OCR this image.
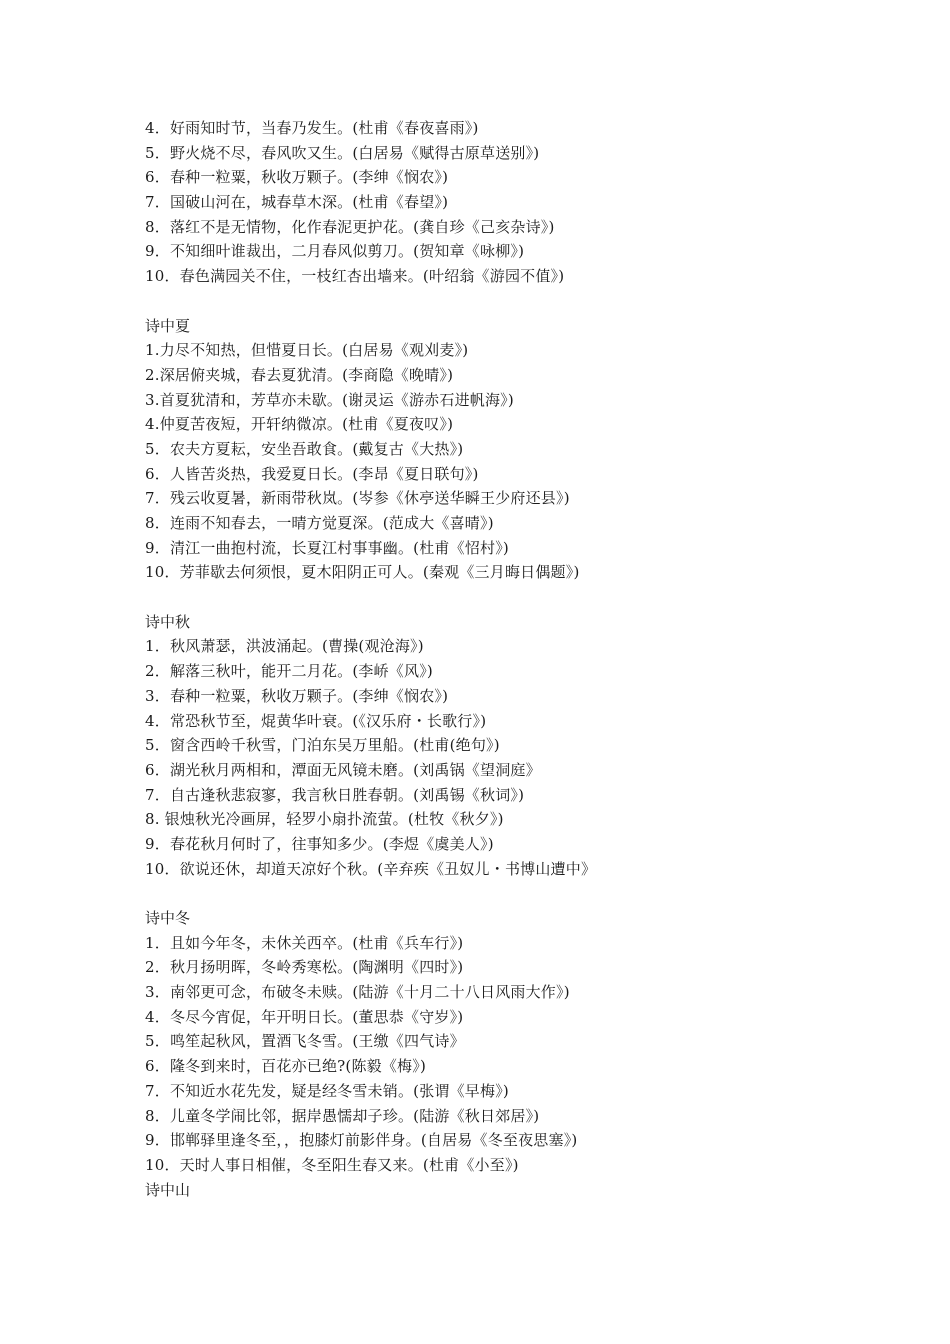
4．好雨知时节，当春乃发生。(杜甫《春夜喜雨》)
5．野火烧不尽，春风吹又生。(白居易《赋得古原草送别》)
6．春种一粒粟，秋收万颗子。(李绅《悯农》)
7．国破山河在，城春草木深。(杜甫《春望》)
8．落红不是无情物，化作春泥更护花。(龚自珍《己亥杂诗》)
9．不知细叶谁裁出，二月春风似剪刀。(贺知章《咏柳》)
10．春色满园关不住，一枝红杏出墙来。(叶绍翁《游园不值》)
诗中夏
1.力尽不知热，但惜夏日长。(白居易《观刈麦》)
2.深居俯夹城，春去夏犹清。(李商隐《晚晴》)
3.首夏犹清和，芳草亦未歇。(谢灵运《游赤石进帆海》)
4.仲夏苦夜短，开轩纳微凉。(杜甫《夏夜叹》)
5．农夫方夏耘，安坐吾敢食。(戴复古《大热》)
6．人皆苦炎热，我爱夏日长。(李昂《夏日联句》)
7．残云收夏暑，新雨带秋岚。(岑参《休亭送华瞬王少府还县》)
8．连雨不知春去，一晴方觉夏深。(范成大《喜晴》)
9．清江一曲抱村流，长夏江村事事幽。(杜甫《怊村》)
10．芳菲歇去何须恨，夏木阳阴正可人。(秦观《三月晦日偶题》)
诗中秋
1．秋风萧瑟，洪波涌起。(曹操(观沧海》)
2．解落三秋叶，能开二月花。(李峤《风》)
3．春种一粒粟，秋收万颗子。(李绅《悯农》)
4．常恐秋节至，焜黄华叶衰。(《汉乐府・长歌行》)
5．窗含西岭千秋雪，门泊东吴万里船。(杜甫(绝句》)
6．湖光秋月两相和，潭面无风镜未磨。(刘禹锅《望洞庭》
7．自古逢秋悲寂寥，我言秋日胜春朝。(刘禹锡《秋词》)
8. 银烛秋光冷画屏，轻罗小扇扑流萤。(杜牧《秋夕》)
9．春花秋月何时了，往事知多少。(李煜《虞美人》)
10．欲说还休，却道天凉好个秋。(辛弃疾《丑奴儿・书博山遭中》
诗中冬
1．且如今年冬，未休关西卒。(杜甫《兵车行》)
2．秋月扬明晖，冬岭秀寒松。(陶渊明《四时》)
3．南邻更可念，布破冬未赎。(陆游《十月二十八日风雨大作》)
4．冬尽今宵促，年开明日长。(董思恭《守岁》)
5．鸣笙起秋风，置酒飞冬雪。(王缴《四气诗》
6．隆冬到来时，百花亦已绝?(陈毅《梅》)
7．不知近水花先发，疑是经冬雪未销。(张谓《早梅》)
8．儿童冬学闹比邻，据岸愚懦却子珍。(陆游《秋日郊居》)
9．邯郸驿里逢冬至，，抱膝灯前影伴身。(自居易《冬至夜思塞》)
10．天时人事日相催，冬至阳生春又来。(杜甫《小至》)
诗中山
